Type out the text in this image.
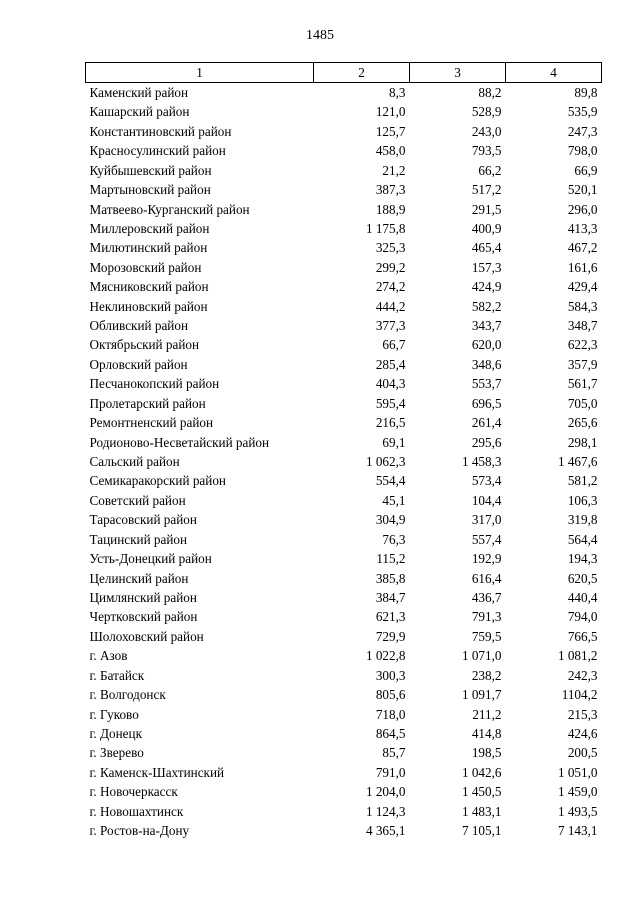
1485
1	2	3	4
Каменский район	8,3	88,2	89,8
Кашарский район	121,0	528,9	535,9
Константиновский район	125,7	243,0	247,3
Красносулинский район	458,0	793,5	798,0
Куйбышевский район	21,2	66,2	66,9
Мартыновский район	387,3	517,2	520,1
Матвеево-Курганский район	188,9	291,5	296,0
Миллеровский район	1 175,8	400,9	413,3
Милютинский район	325,3	465,4	467,2
Морозовский район	299,2	157,3	161,6
Мясниковский район	274,2	424,9	429,4
Неклиновский район	444,2	582,2	584,3
Обливский район	377,3	343,7	348,7
Октябрьский район	66,7	620,0	622,3
Орловский район	285,4	348,6	357,9
Песчанокопский район	404,3	553,7	561,7
Пролетарский район	595,4	696,5	705,0
Ремонтненский район	216,5	261,4	265,6
Родионово-Несветайский район	69,1	295,6	298,1
Сальский район	1 062,3	1 458,3	1 467,6
Семикаракорский район	554,4	573,4	581,2
Советский район	45,1	104,4	106,3
Тарасовский район	304,9	317,0	319,8
Тацинский район	76,3	557,4	564,4
Усть-Донецкий район	115,2	192,9	194,3
Целинский район	385,8	616,4	620,5
Цимлянский район	384,7	436,7	440,4
Чертковский район	621,3	791,3	794,0
Шолоховский район	729,9	759,5	766,5
г. Азов	1 022,8	1 071,0	1 081,2
г. Батайск	300,3	238,2	242,3
г. Волгодонск	805,6	1 091,7	1104,2
г. Гуково	718,0	211,2	215,3
г. Донецк	864,5	414,8	424,6
г. Зверево	85,7	198,5	200,5
г. Каменск-Шахтинский	791,0	1 042,6	1 051,0
г. Новочеркасск	1 204,0	1 450,5	1 459,0
г. Новошахтинск	1 124,3	1 483,1	1 493,5
г. Ростов-на-Дону	4 365,1	7 105,1	7 143,1
